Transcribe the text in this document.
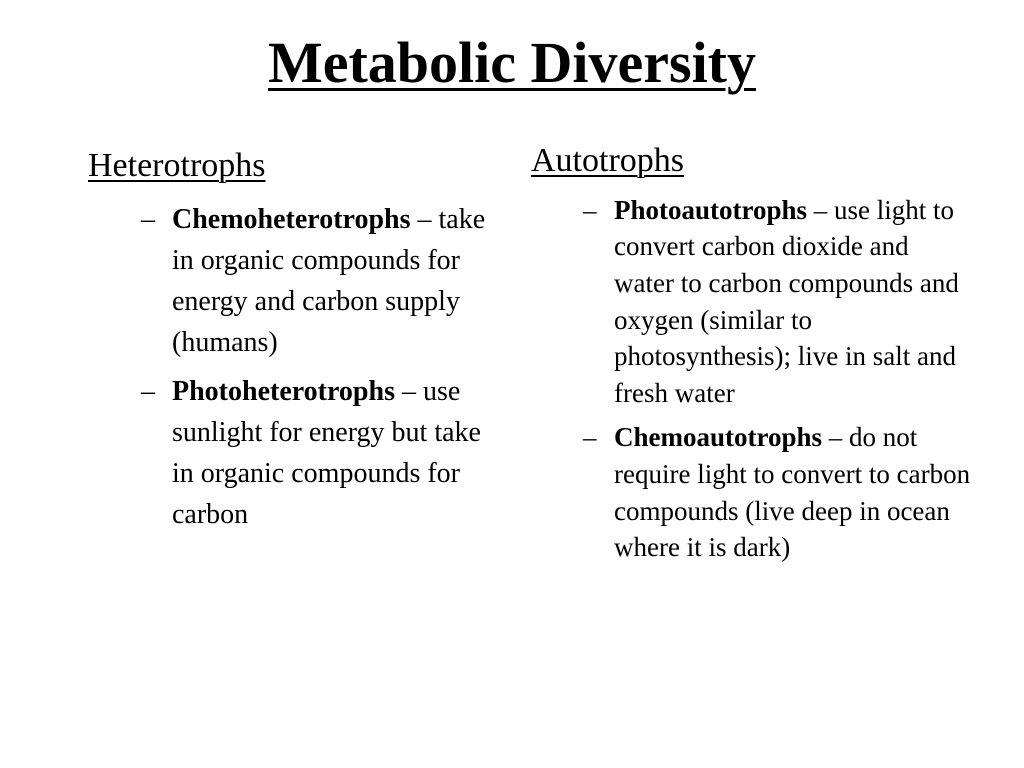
Metabolic Diversity
Heterotrophs
– Chemoheterotrophs – take in organic compounds for energy and carbon supply (humans)
– Photoheterotrophs – use sunlight for energy but take in organic compounds for carbon
Autotrophs
– Photoautotrophs – use light to convert carbon dioxide and water to carbon compounds and oxygen (similar to photosynthesis); live in salt and fresh water
– Chemoautotrophs – do not require light to convert to carbon compounds (live deep in ocean where it is dark)
